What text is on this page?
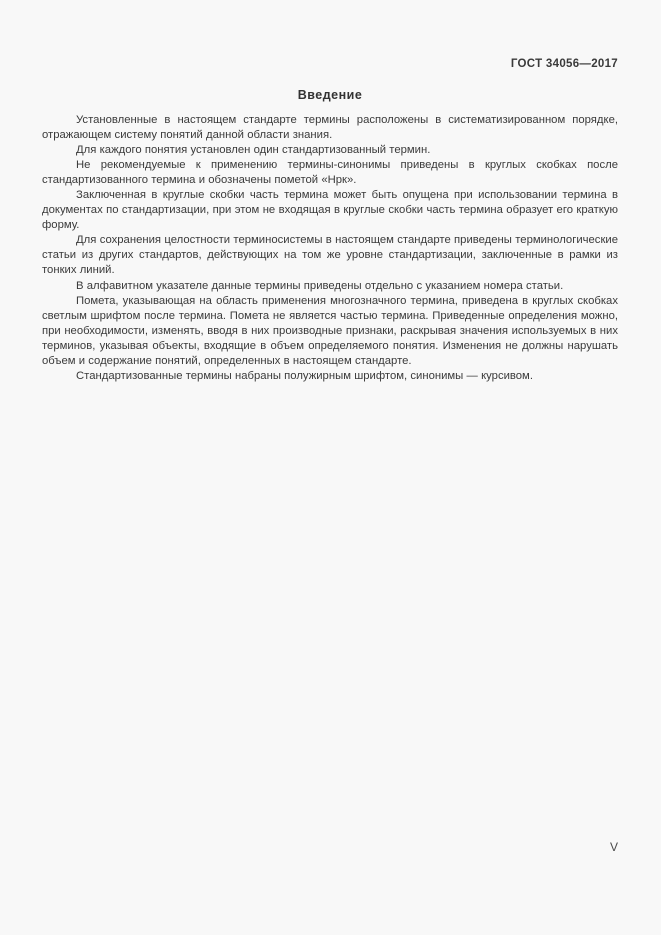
ГОСТ 34056—2017
Введение

Установленные в настоящем стандарте термины расположены в систематизированном порядке, отражающем систему понятий данной области знания.

Для каждого понятия установлен один стандартизованный термин.

Не рекомендуемые к применению термины-синонимы приведены в круглых скобках после стандартизованного термина и обозначены пометой «Нрк».

Заключенная в круглые скобки часть термина может быть опущена при использовании термина в документах по стандартизации, при этом не входящая в круглые скобки часть термина образует его краткую форму.

Для сохранения целостности терминосистемы в настоящем стандарте приведены терминологические статьи из других стандартов, действующих на том же уровне стандартизации, заключенные в рамки из тонких линий.

В алфавитном указателе данные термины приведены отдельно с указанием номера статьи.

Помета, указывающая на область применения многозначного термина, приведена в круглых скобках светлым шрифтом после термина. Помета не является частью термина. Приведенные определения можно, при необходимости, изменять, вводя в них производные признаки, раскрывая значения используемых в них терминов, указывая объекты, входящие в объем определяемого понятия. Изменения не должны нарушать объем и содержание понятий, определенных в настоящем стандарте.

Стандартизованные термины набраны полужирным шрифтом, синонимы — курсивом.

V
